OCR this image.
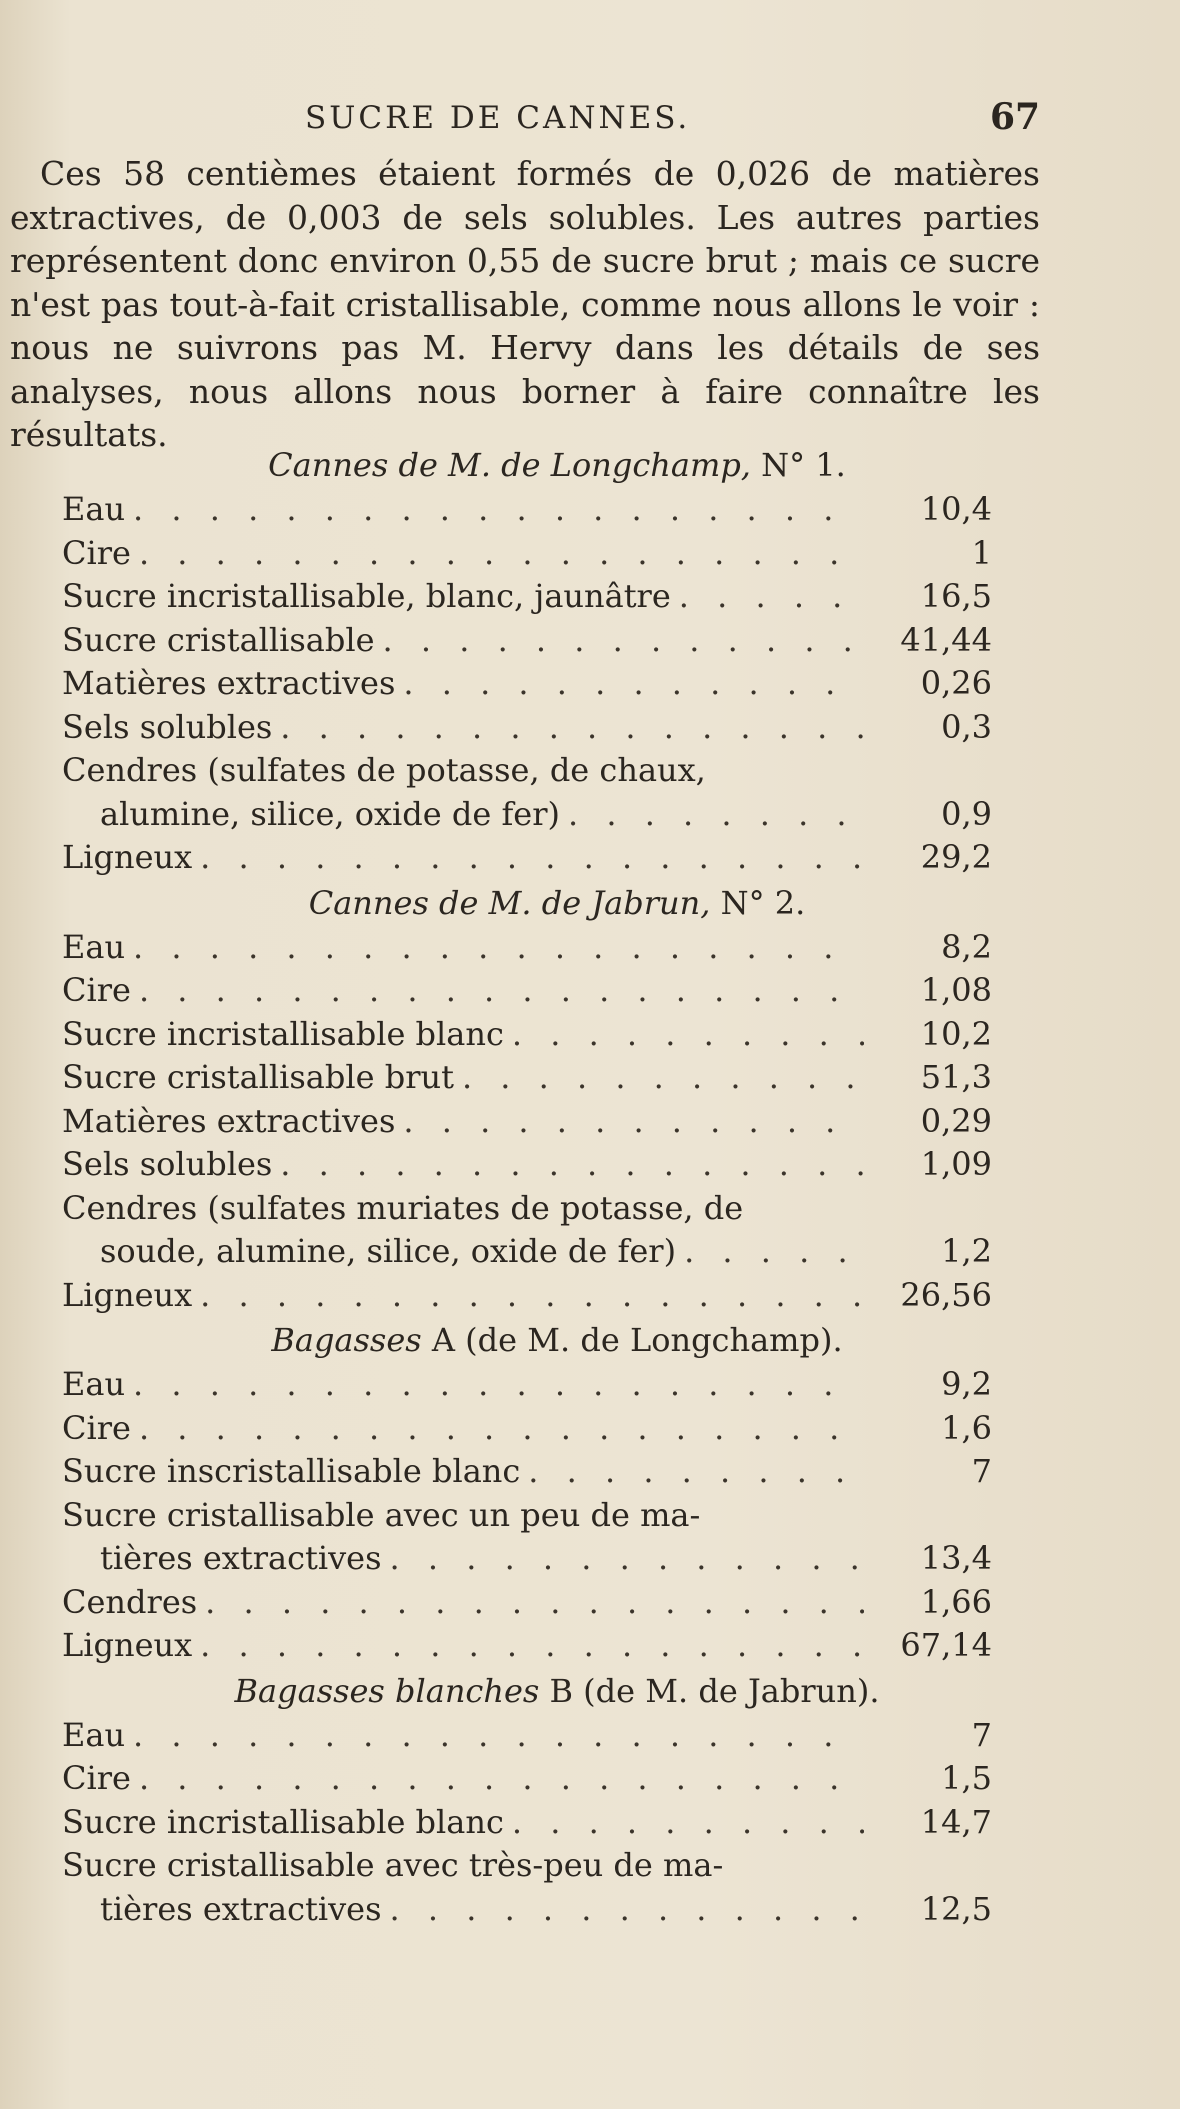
SUCRE DE CANNES.	67

Ces 58 centièmes étaient formés de 0,026 de matières extractives, de 0,003 de sels solubles. Les autres parties représentent donc environ 0,55 de sucre brut ; mais ce sucre n'est pas tout-à-fait cristallisable, comme nous allons le voir : nous ne suivrons pas M. Hervy dans les détails de ses analyses, nous allons nous borner à faire connaître les résultats.

Cannes de M. de Longchamp, N° 1.
Eau . . .	10,4
Cire . . .	1
Sucre incristallisable, blanc, jaunâtre . . .	16,5
Sucre cristallisable . . .	41,44
Matières extractives . . .	0,26
Sels solubles . . .	0,3
Cendres (sulfates de potasse, de chaux,
alumine, silice, oxide de fer) . . .	0,9
Ligneux . . .	29,2
Cannes de M. de Jabrun, N° 2.
Eau . . .	8,2
Cire . . .	1,08
Sucre incristallisable blanc . . .	10,2
Sucre cristallisable brut . . .	51,3
Matières extractives . . .	0,29
Sels solubles . . .	1,09
Cendres (sulfates muriates de potasse, de
soude, alumine, silice, oxide de fer) . . .	1,2
Ligneux . . .	26,56
Bagasses A (de M. de Longchamp).
Eau . . .	9,2
Cire . . .	1,6
Sucre inscristallisable blanc . . .	7
Sucre cristallisable avec un peu de ma-
tières extractives . . .	13,4
Cendres . . .	1,66
Ligneux . . .	67,14
Bagasses blanches B (de M. de Jabrun).
Eau . . .	7
Cire . . .	1,5
Sucre incristallisable blanc . . .	14,7
Sucre cristallisable avec très-peu de ma-
tières extractives . . .	12,5
